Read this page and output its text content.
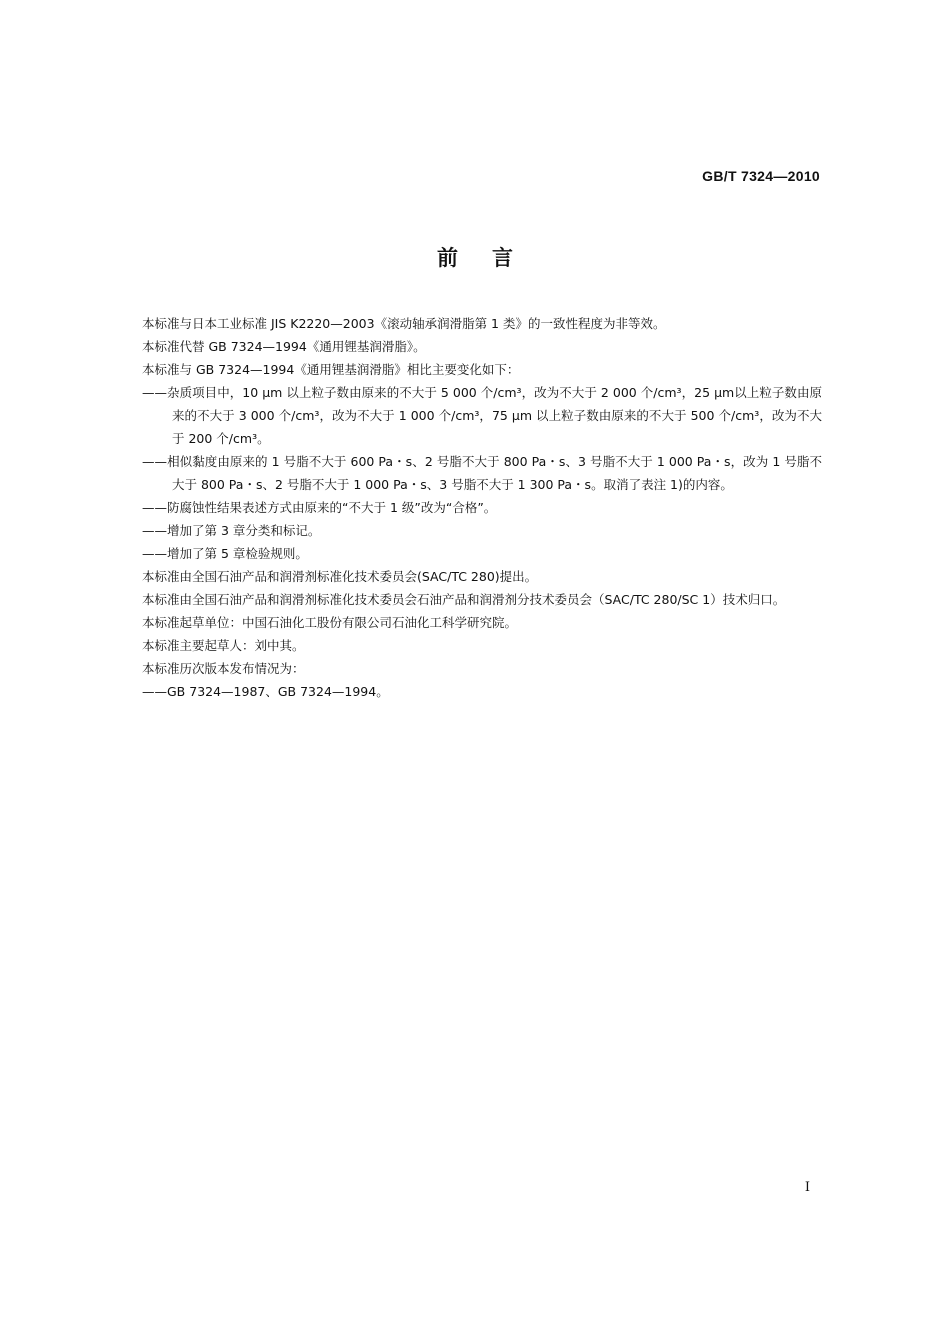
GB/T 7324—2010
前言

本标准与日本工业标准 JIS K2220—2003《滚动轴承润滑脂第 1 类》的一致性程度为非等效。

本标准代替 GB 7324—1994《通用锂基润滑脂》。

本标准与 GB 7324—1994《通用锂基润滑脂》相比主要变化如下：

——杂质项目中，10 μm 以上粒子数由原来的不大于 5 000 个/cm³，改为不大于 2 000 个/cm³，25 μm以上粒子数由原来的不大于 3 000 个/cm³，改为不大于 1 000 个/cm³，75 μm 以上粒子数由原来的不大于 500 个/cm³，改为不大于 200 个/cm³。

——相似黏度由原来的 1 号脂不大于 600 Pa・s、2 号脂不大于 800 Pa・s、3 号脂不大于 1 000 Pa・s，改为 1 号脂不大于 800 Pa・s、2 号脂不大于 1 000 Pa・s、3 号脂不大于 1 300 Pa・s。取消了表注 1)的内容。

——防腐蚀性结果表述方式由原来的“不大于 1 级”改为“合格”。

——增加了第 3 章分类和标记。

——增加了第 5 章检验规则。

本标准由全国石油产品和润滑剂标准化技术委员会(SAC/TC 280)提出。

本标准由全国石油产品和润滑剂标准化技术委员会石油产品和润滑剂分技术委员会（SAC/TC 280/SC 1）技术归口。

本标准起草单位：中国石油化工股份有限公司石油化工科学研究院。

本标准主要起草人：刘中其。

本标准历次版本发布情况为：

——GB 7324—1987、GB 7324—1994。

I
